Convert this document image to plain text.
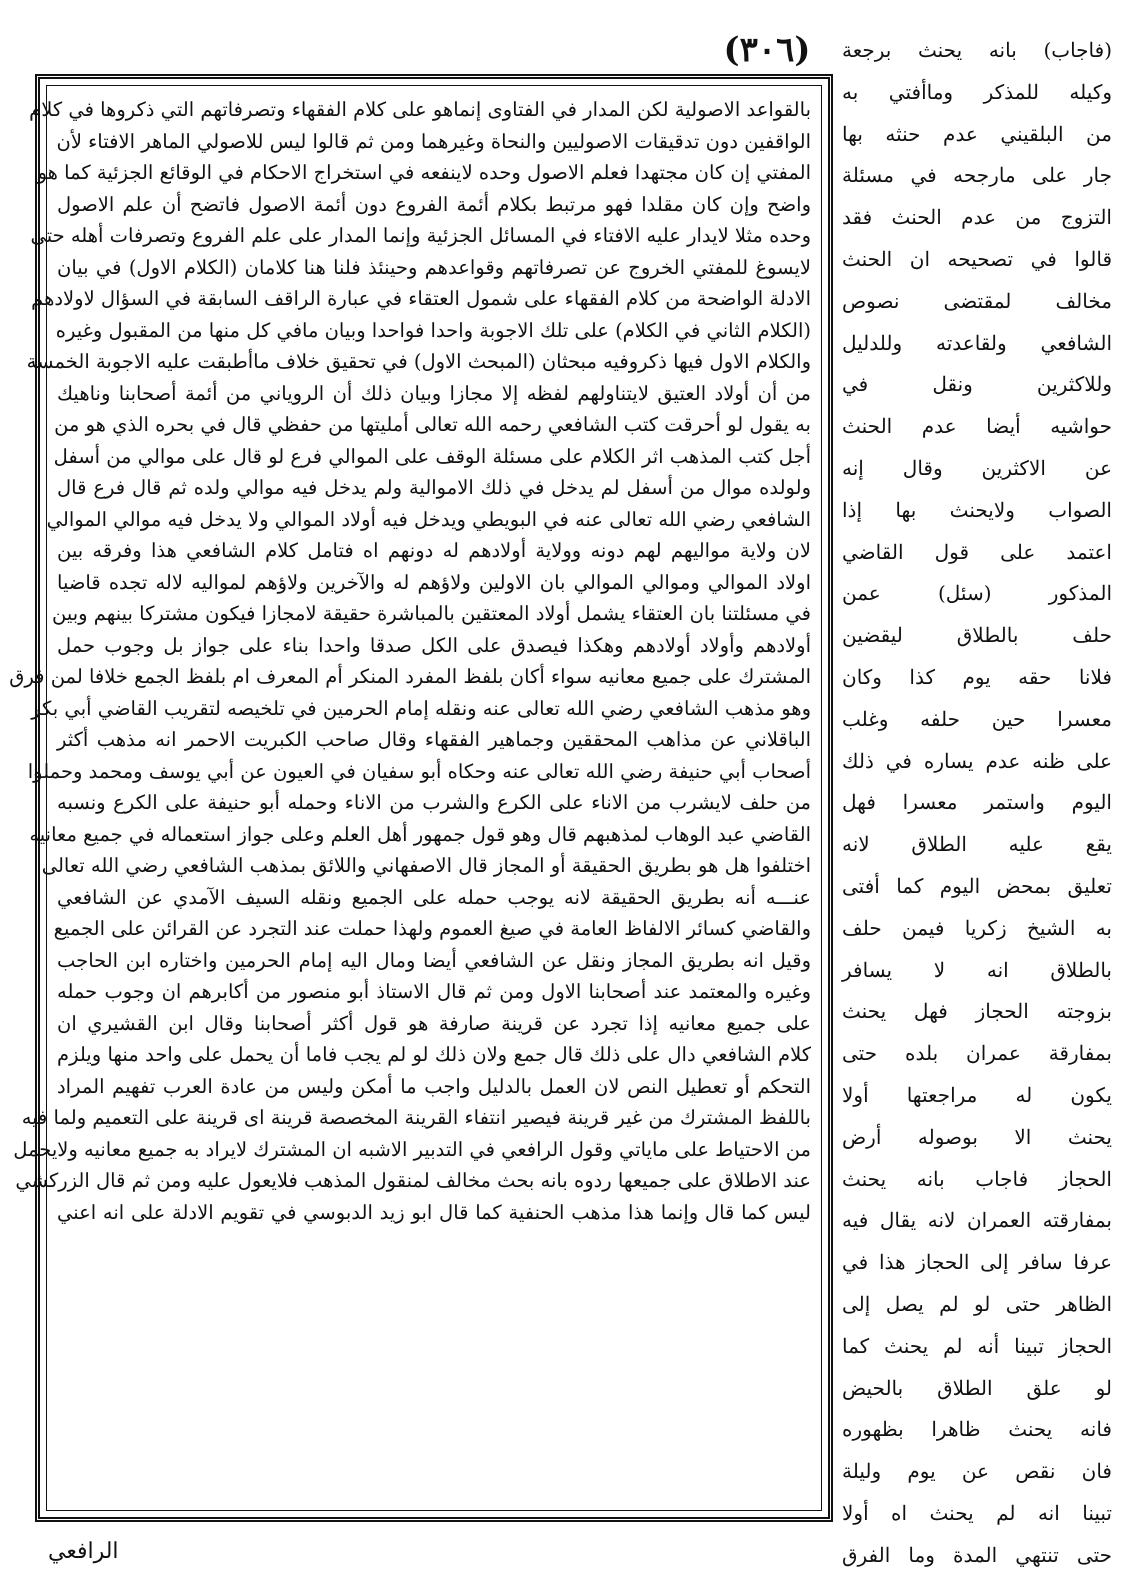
(٣٠٦)
بالقواعد الاصولية لكن المدار في الفتاوى إنماهو على كلام الفقهاء وتصرفاتهم التي ذكروها في كلام
الواقفين دون تدقيقات الاصوليين والنحاة وغيرهما ومن ثم قالوا ليس للاصولي الماهر الافتاء لأن
المفتي إن كان مجتهدا فعلم الاصول وحده لاينفعه في استخراج الاحكام في الوقائع الجزئية كما هو
واضح وإن كان مقلدا فهو مرتبط بكلام أئمة الفروع دون أئمة الاصول فاتضح أن علم الاصول
وحده مثلا لايدار عليه الافتاء في المسائل الجزئية وإنما المدار على علم الفروع وتصرفات أهله حتى
لايسوغ للمفتي الخروج عن تصرفاتهم وقواعدهم وحينئذ فلنا هنا كلامان (الكلام الاول) في بيان
الادلة الواضحة من كلام الفقهاء على شمول العتقاء في عبارة الراقف السابقة في السؤال لاولادهم
(الكلام الثاني في الكلام) على تلك الاجوبة واحدا فواحدا وبيان مافي كل منها من المقبول وغيره
والكلام الاول فيها ذكروفيه مبحثان (المبحث الاول) في تحقيق خلاف ماأطبقت عليه الاجوبة الخمسة
من أن أولاد العتيق لايتناولهم لفظه إلا مجازا وبيان ذلك أن الروياني من أئمة أصحابنا وناهيك
به يقول لو أحرقت كتب الشافعي رحمه الله تعالى أمليتها من حفظي قال في بحره الذي هو من
أجل كتب المذهب اثر الكلام على مسئلة الوقف على الموالي فرع لو قال على موالي من أسفل
ولولده موال من أسفل لم يدخل في ذلك الاموالية ولم يدخل فيه موالي ولده ثم قال فرع قال
الشافعي رضي الله تعالى عنه في البويطي ويدخل فيه أولاد الموالي ولا يدخل فيه موالي الموالي
لان ولاية مواليهم لهم دونه وولاية أولادهم له دونهم اه فتامل كلام الشافعي هذا وفرقه بين
اولاد الموالي وموالي الموالي بان الاولين ولاؤهم له والآخرين ولاؤهم لمواليه لاله تجده قاضيا
في مسئلتنا بان العتقاء يشمل أولاد المعتقين بالمباشرة حقيقة لامجازا فيكون مشتركا بينهم وبين
أولادهم وأولاد أولادهم وهكذا فيصدق على الكل صدقا واحدا بناء على جواز بل وجوب حمل
المشترك على جميع معانيه سواء أكان بلفظ المفرد المنكر أم المعرف ام بلفظ الجمع خلافا لمن فرق
وهو مذهب الشافعي رضي الله تعالى عنه ونقله إمام الحرمين في تلخيصه لتقريب القاضي أبي بكر
الباقلاني عن مذاهب المحققين وجماهير الفقهاء وقال صاحب الكبريت الاحمر انه مذهب أكثر
أصحاب أبي حنيفة رضي الله تعالى عنه وحكاه أبو سفيان في العيون عن أبي يوسف ومحمد وحملوا
من حلف لايشرب من الاناء على الكرع والشرب من الاناء وحمله أبو حنيفة على الكرع ونسبه
القاضي عبد الوهاب لمذهبهم قال وهو قول جمهور أهل العلم وعلى جواز استعماله في جميع معانيه
اختلفوا هل هو بطريق الحقيقة أو المجاز قال الاصفهاني واللائق بمذهب الشافعي رضي الله تعالى
عنـــه أنه بطريق الحقيقة لانه يوجب حمله على الجميع ونقله السيف الآمدي عن الشافعي
والقاضي كسائر الالفاظ العامة في صيغ العموم ولهذا حملت عند التجرد عن القرائن على الجميع
وقيل انه بطريق المجاز ونقل عن الشافعي أيضا ومال اليه إمام الحرمين واختاره ابن الحاجب
وغيره والمعتمد عند أصحابنا الاول ومن ثم قال الاستاذ أبو منصور من أكابرهم ان وجوب حمله
على جميع معانيه إذا تجرد عن قرينة صارفة هو قول أكثر أصحابنا وقال ابن القشيري ان
كلام الشافعي دال على ذلك قال جمع ولان ذلك لو لم يجب فاما أن يحمل على واحد منها ويلزم
التحكم أو تعطيل النص لان العمل بالدليل واجب ما أمكن وليس من عادة العرب تفهيم المراد
باللفظ المشترك من غير قرينة فيصير انتفاء القرينة المخصصة قرينة اى قرينة على التعميم ولما فيه
من الاحتياط على ماياتي وقول الرافعي في التدبير الاشبه ان المشترك لايراد به جميع معانيه ولايحمل
عند الاطلاق على جميعها ردوه بانه بحث مخالف لمنقول المذهب فلايعول عليه ومن ثم قال الزركشي
ليس كما قال وإنما هذا مذهب الحنفية كما قال ابو زيد الدبوسي في تقويم الادلة على انه اعني
(فاجاب) بانه يحنث برجعة
وكيله للمذكر وماأفتي به
من البلقيني عدم حنثه بها
جار على مارجحه في مسئلة
التزوج من عدم الحنث فقد
قالوا في تصحيحه ان الحنث
مخالف لمقتضى نصوص
الشافعي ولقاعدته وللدليل
وللاكثرين ونقل في
حواشيه أيضا عدم الحنث
عن الاكثرين وقال إنه
الصواب ولايحنث بها إذا
اعتمد على قول القاضي
المذكور (سئل) عمن
حلف بالطلاق ليقضين
فلانا حقه يوم كذا وكان
معسرا حين حلفه وغلب
على ظنه عدم يساره في ذلك
اليوم واستمر معسرا فهل
يقع عليه الطلاق لانه
تعليق بمحض اليوم كما أفتى
به الشيخ زكريا فيمن حلف
بالطلاق انه لا يسافر
بزوجته الحجاز فهل يحنث
بمفارقة عمران بلده حتى
يكون له مراجعتها أولا
يحنث الا بوصوله أرض
الحجاز فاجاب بانه يحنث
بمفارقته العمران لانه يقال فيه
عرفا سافر إلى الحجاز هذا في
الظاهر حتى لو لم يصل إلى
الحجاز تبينا أنه لم يحنث كما
لو علق الطلاق بالحيض
فانه يحنث ظاهرا بظهوره
فان نقص عن يوم وليلة
تبينا انه لم يحنث اه أولا
حتى تنتهي المدة وما الفرق
الرافعي
